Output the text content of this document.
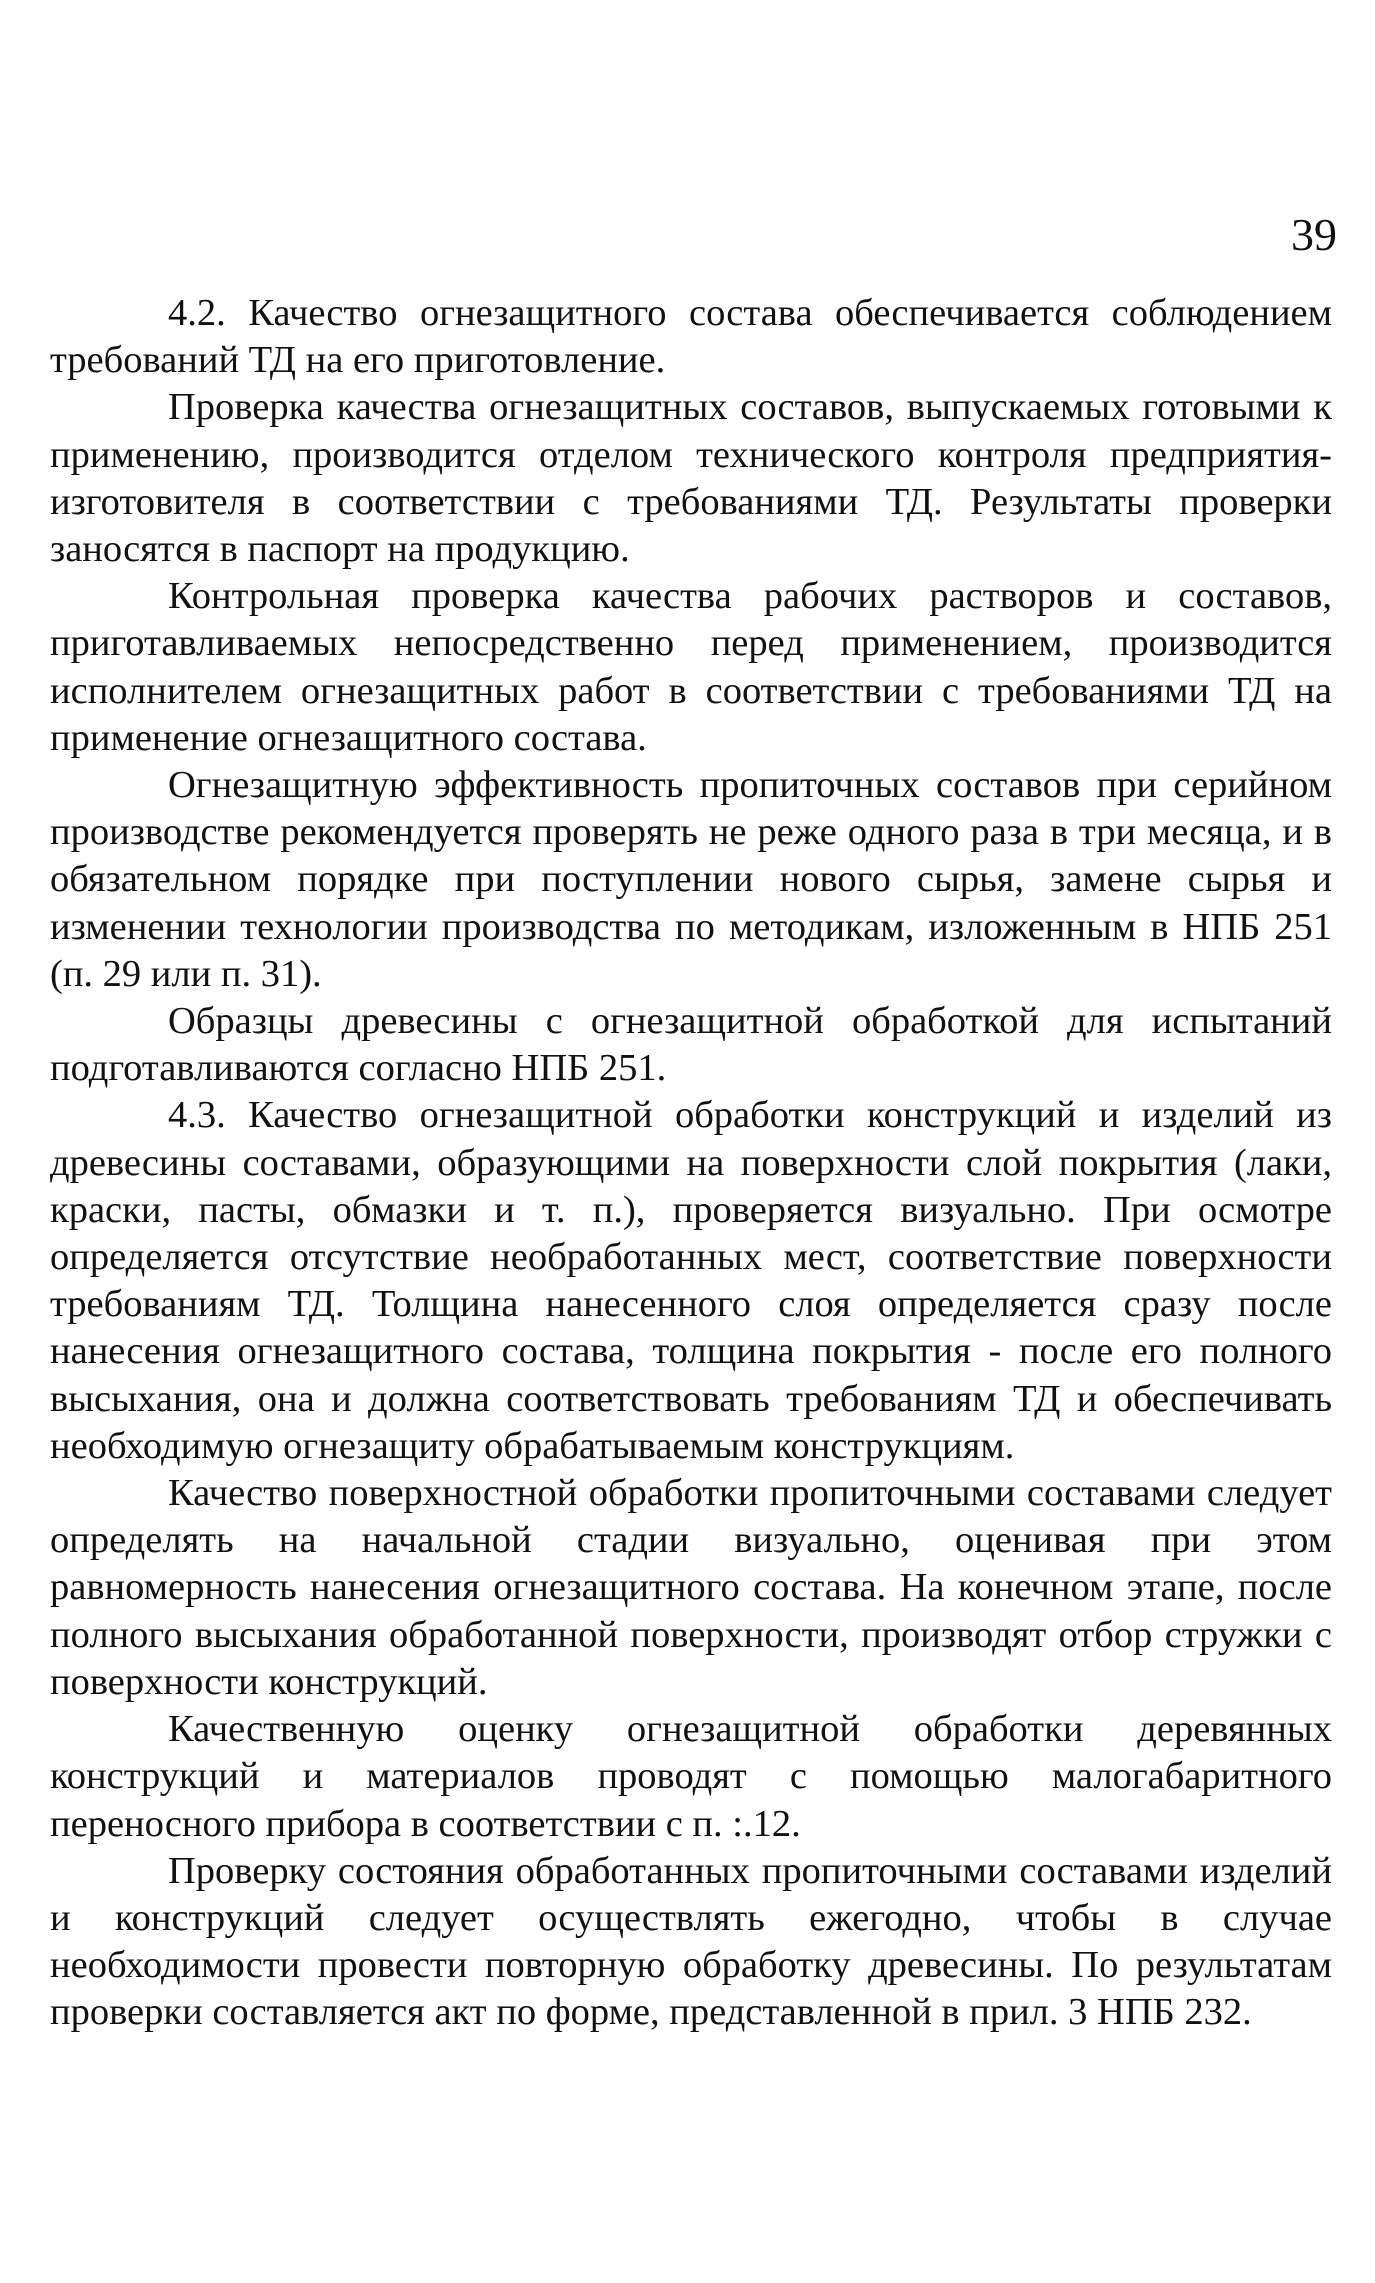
39

4.2. Качество огнезащитного состава обеспечивается соблюдением требований ТД на его приготовление.

Проверка качества огнезащитных составов, выпускаемых готовыми к применению, производится отделом технического контроля предприятия-изготовителя в соответствии с требованиями ТД. Результаты проверки заносятся в паспорт на продукцию.

Контрольная проверка качества рабочих растворов и составов, приготавливаемых непосредственно перед применением, производится исполнителем огнезащитных работ в соответствии с требованиями ТД на применение огнезащитного состава.

Огнезащитную эффективность пропиточных составов при серийном производстве рекомендуется проверять не реже одного раза в три месяца, и в обязательном порядке при поступлении нового сырья, замене сырья и изменении технологии производства по методикам, изложенным в НПБ 251 (п. 29 или п. 31).

Образцы древесины с огнезащитной обработкой для испытаний подготавливаются согласно НПБ 251.

4.3. Качество огнезащитной обработки конструкций и изделий из древесины составами, образующими на поверхности слой покрытия (лаки, краски, пасты, обмазки и т. п.), проверяется визуально. При осмотре определяется отсутствие необработанных мест, соответствие поверхности требованиям ТД. Толщина нанесенного слоя определяется сразу после нанесения огнезащитного состава, толщина покрытия - после его полного высыхания, она и должна соответствовать требованиям ТД и обеспечивать необходимую огнезащиту обрабатываемым конструкциям.

Качество поверхностной обработки пропиточными составами следует определять на начальной стадии визуально, оценивая при этом равномерность нанесения огнезащитного состава. На конечном этапе, после полного высыхания обработанной поверхности, производят отбор стружки с поверхности конструкций.

Качественную оценку огнезащитной обработки деревянных конструкций и материалов проводят с помощью малогабаритного переносного прибора в соответствии с п. :.12.

Проверку состояния обработанных пропиточными составами изделий и конструкций следует осуществлять ежегодно, чтобы в случае необходимости провести повторную обработку древесины. По результатам проверки составляется акт по форме, представленной в прил. 3 НПБ 232.
